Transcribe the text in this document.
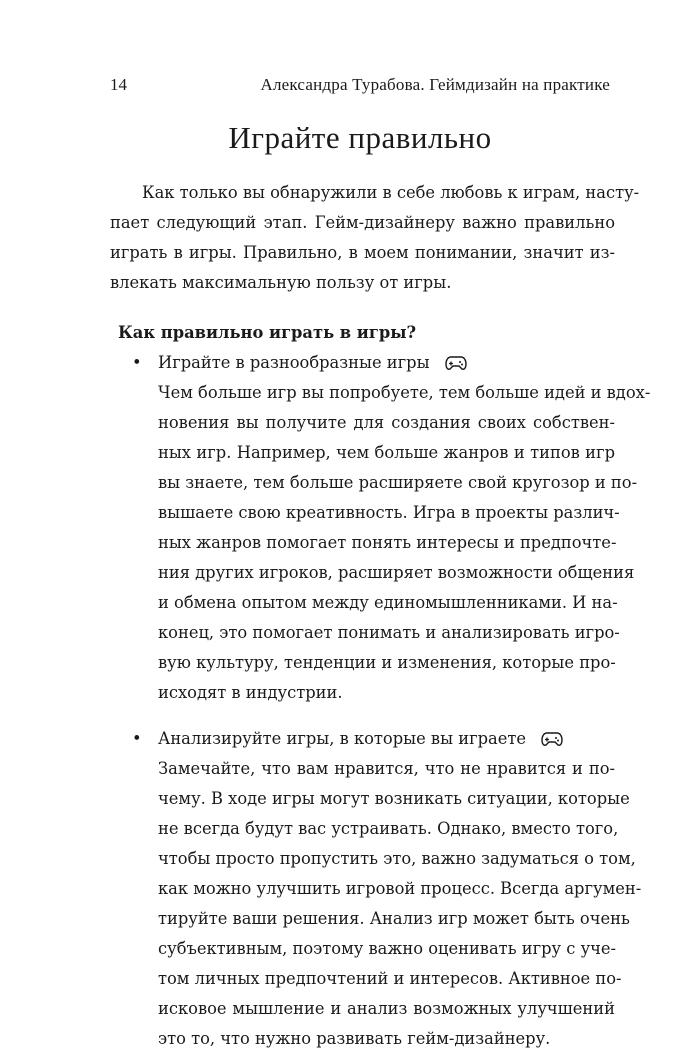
14	Александра Турабова. Геймдизайн на практике
Играйте правильно
Как только вы обнаружили в себе любовь к играм, насту-
пает следующий этап. Гейм-дизайнеру важно правильно
играть в игры. Правильно, в моем понимании, значит из-
влекать максимальную пользу от игры.
Как правильно играть в игры?
• Играйте в разнообразные игры
Чем больше игр вы попробуете, тем больше идей и вдох-
новения вы получите для создания своих собствен-
ных игр. Например, чем больше жанров и типов игр
вы знаете, тем больше расширяете свой кругозор и по-
вышаете свою креативность. Игра в проекты различ-
ных жанров помогает понять интересы и предпочте-
ния других игроков, расширяет возможности общения
и обмена опытом между единомышленниками. И на-
конец, это помогает понимать и анализировать игро-
вую культуру, тенденции и изменения, которые про-
исходят в индустрии.
• Анализируйте игры, в которые вы играете
Замечайте, что вам нравится, что не нравится и по-
чему. В ходе игры могут возникать ситуации, которые
не всегда будут вас устраивать. Однако, вместо того,
чтобы просто пропустить это, важно задуматься о том,
как можно улучшить игровой процесс. Всегда аргумен-
тируйте ваши решения. Анализ игр может быть очень
субъективным, поэтому важно оценивать игру с уче-
том личных предпочтений и интересов. Активное по-
исковое мышление и анализ возможных улучшений
это то, что нужно развивать гейм-дизайнеру.
